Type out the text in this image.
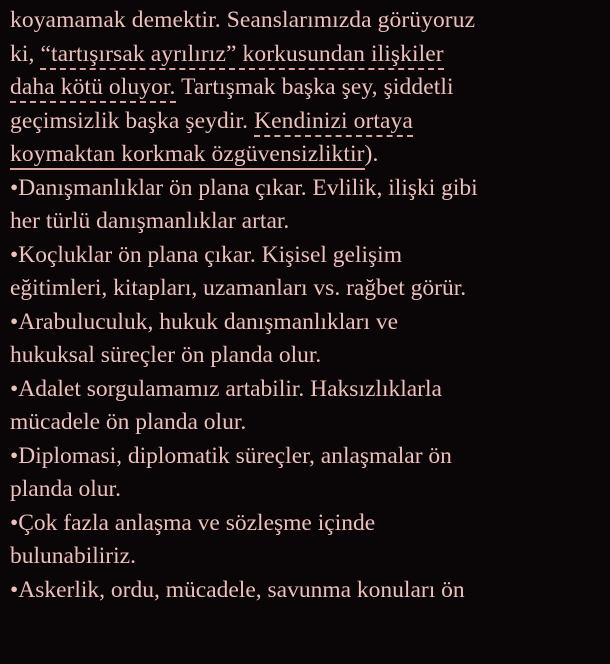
koyamamak demektir. Seanslarımızda görüyoruz
ki, “tartışırsak ayrılırız” korkusundan ilişkiler
daha kötü oluyor. Tartışmak başka şey, şiddetli
geçimsizlik başka şeydir. Kendinizi ortaya
koymaktan korkmak özgüvensizliktir).
•Danışmanlıklar ön plana çıkar. Evlilik, ilişki gibi
her türlü danışmanlıklar artar.
•Koçluklar ön plana çıkar. Kişisel gelişim
eğitimleri, kitapları, uzamanları vs. rağbet görür.
•Arabuluculuk, hukuk danışmanlıkları ve
hukuksal süreçler ön planda olur.
•Adalet sorgulamamız artabilir. Haksızlıklarla
mücadele ön planda olur.
•Diplomasi, diplomatik süreçler, anlaşmalar ön
planda olur.
•Çok fazla anlaşma ve sözleşme içinde
bulunabiliriz.
•Askerlik, ordu, mücadele, savunma konuları ön
